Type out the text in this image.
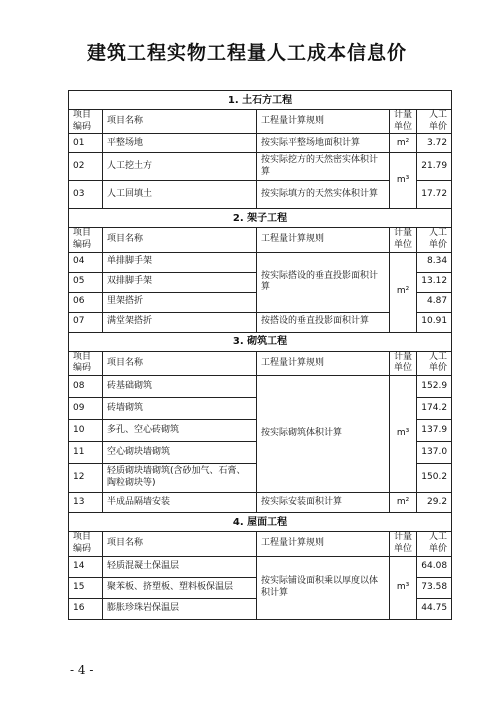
建筑工程实物工程量人工成本信息价
1. 土石方工程				
项目编码	项目名称	工程量计算规则	计量单位	人工单价
01	平整场地	按实际平整场地面积计算	m²	3.72
02	人工挖土方	按实际挖方的天然密实体积计算	m³	21.79
03	人工回填土	按实际填方的天然实体积计算		17.72
2. 架子工程				
项目编码	项目名称	工程量计算规则	计量单位	人工单价
04	单排脚手架	按实际搭设的垂直投影面积计算	m²	8.34
05	双排脚手架			13.12
06	里架搭折			4.87
07	满堂架搭折	按搭设的垂直投影面积计算		10.91
3. 砌筑工程				
项目编码	项目名称	工程量计算规则	计量单位	人工单价
08	砖基础砌筑	按实际砌筑体积计算	m³	152.9
09	砖墙砌筑			174.2
10	多孔、空心砖砌筑			137.9
11	空心砌块墙砌筑			137.0
12	轻质砌块墙砌筑(含砂加气、石膏、陶粒砌块等)			150.2
13	半成品隔墙安装	按实际安装面积计算	m²	29.2
4. 屋面工程				
项目编码	项目名称	工程量计算规则	计量单位	人工单价
14	轻质混凝土保温层	按实际铺设面积乘以厚度以体积计算	m³	64.08
15	聚苯板、挤塑板、塑料板保温层			73.58
16	膨胀珍珠岩保温层			44.75
- 4 -
